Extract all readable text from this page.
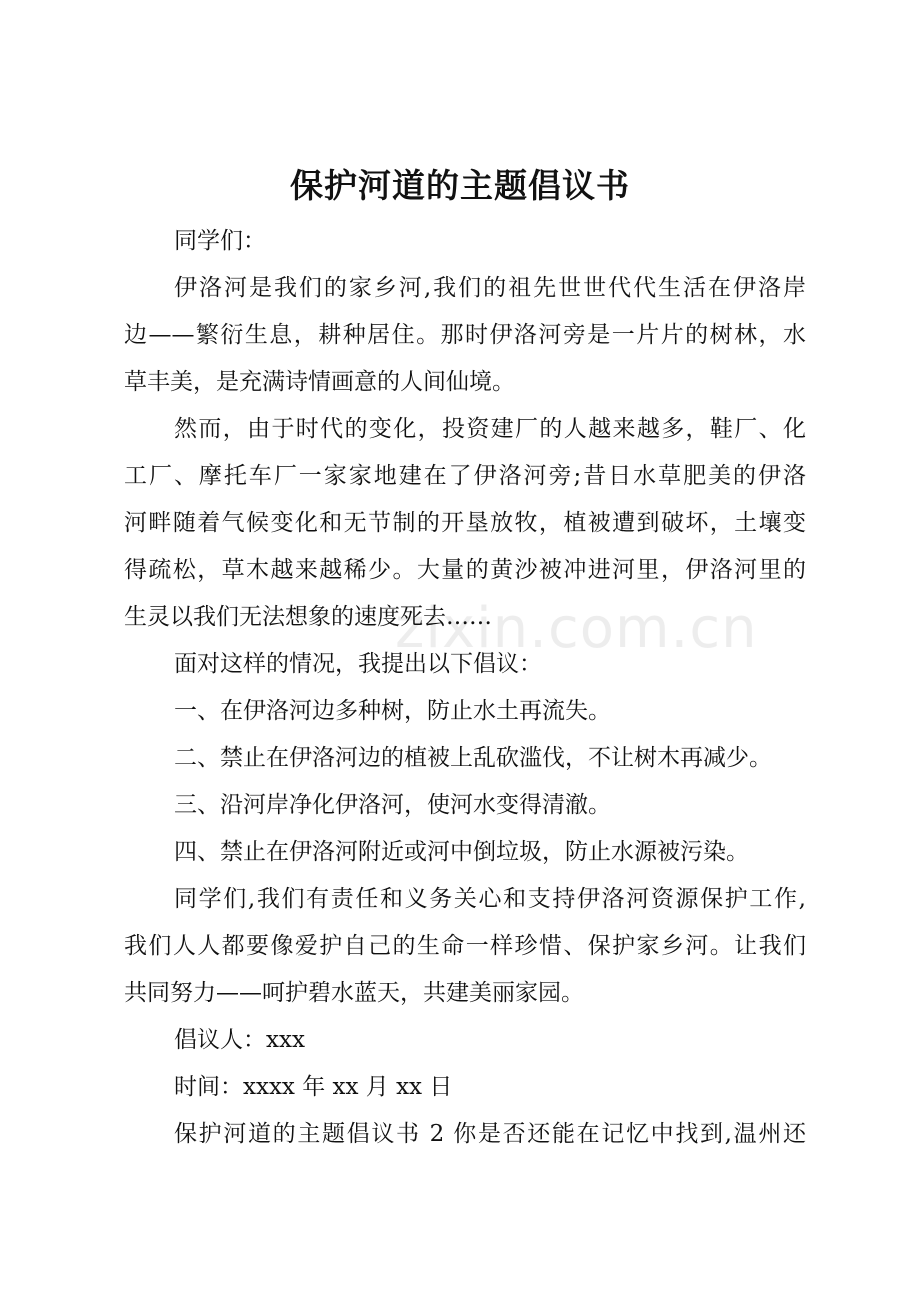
保护河道的主题倡议书
zixin.com.cn
同学们：
伊洛河是我们的家乡河,我们的祖先世世代代生活在伊洛岸
边——繁衍生息，耕种居住。那时伊洛河旁是一片片的树林，水
草丰美，是充满诗情画意的人间仙境。
然而，由于时代的变化，投资建厂的人越来越多，鞋厂、化
工厂、摩托车厂一家家地建在了伊洛河旁;昔日水草肥美的伊洛
河畔随着气候变化和无节制的开垦放牧，植被遭到破坏，土壤变
得疏松，草木越来越稀少。大量的黄沙被冲进河里，伊洛河里的
生灵以我们无法想象的速度死去……
面对这样的情况，我提出以下倡议：
一、在伊洛河边多种树，防止水土再流失。
二、禁止在伊洛河边的植被上乱砍滥伐，不让树木再减少。
三、沿河岸净化伊洛河，使河水变得清澈。
四、禁止在伊洛河附近或河中倒垃圾，防止水源被污染。
同学们,我们有责任和义务关心和支持伊洛河资源保护工作,
我们人人都要像爱护自己的生命一样珍惜、保护家乡河。让我们
共同努力——呵护碧水蓝天，共建美丽家园。
倡议人：xxx
时间：xxxx 年 xx 月 xx 日
保护河道的主题倡议书 2 你是否还能在记忆中找到,温州还
